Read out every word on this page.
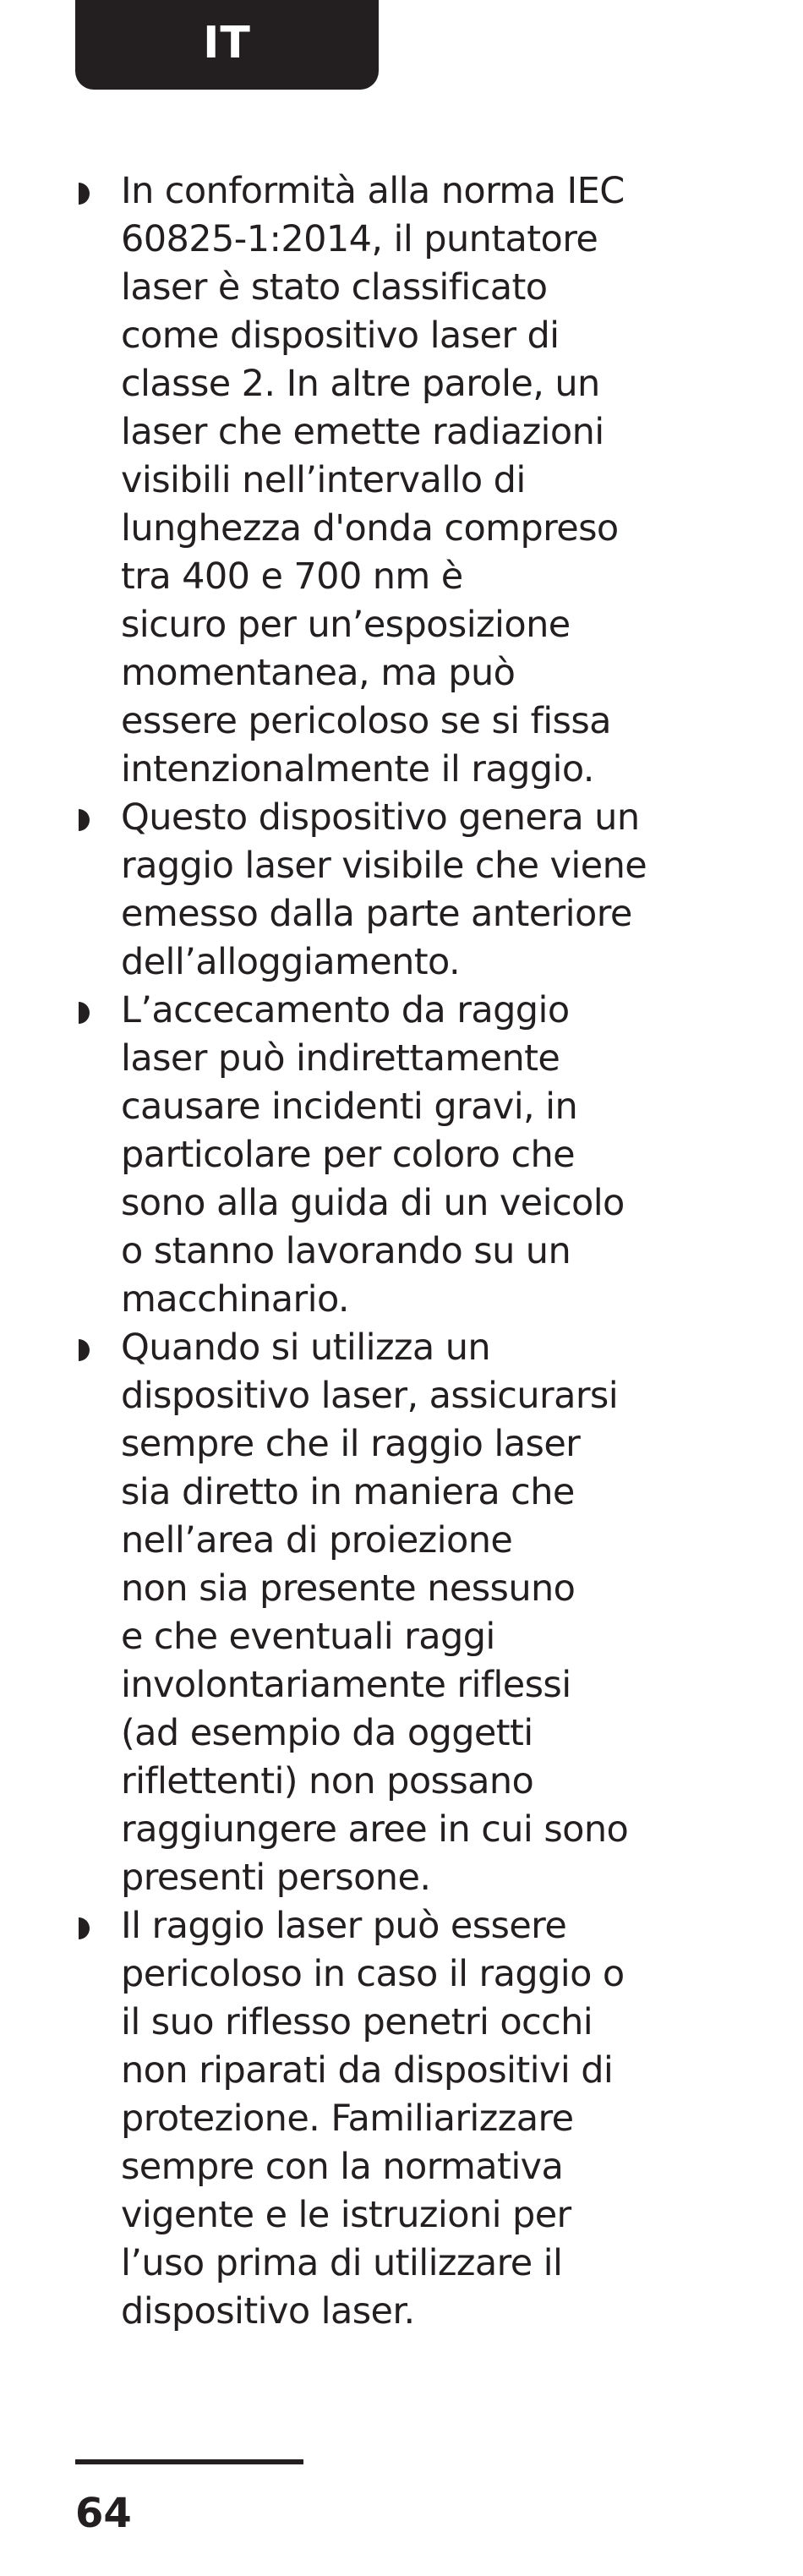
IT
In conformità alla norma IEC
60825-1:2014, il puntatore
laser è stato classificato
come dispositivo laser di
classe 2. In altre parole, un
laser che emette radiazioni
visibili nell’intervallo di
lunghezza d'onda compreso
tra 400 e 700 nm è
sicuro per un’esposizione
momentanea, ma può
essere pericoloso se si fissa
intenzionalmente il raggio.
Questo dispositivo genera un
raggio laser visibile che viene
emesso dalla parte anteriore
dell’alloggiamento.
L’accecamento da raggio
laser può indirettamente
causare incidenti gravi, in
particolare per coloro che
sono alla guida di un veicolo
o stanno lavorando su un
macchinario.
Quando si utilizza un
dispositivo laser, assicurarsi
sempre che il raggio laser
sia diretto in maniera che
nell’area di proiezione
non sia presente nessuno
e che eventuali raggi
involontariamente riflessi
(ad esempio da oggetti
riflettenti) non possano
raggiungere aree in cui sono
presenti persone.
Il raggio laser può essere
pericoloso in caso il raggio o
il suo riflesso penetri occhi
non riparati da dispositivi di
protezione. Familiarizzare
sempre con la normativa
vigente e le istruzioni per
l’uso prima di utilizzare il
dispositivo laser.
64
